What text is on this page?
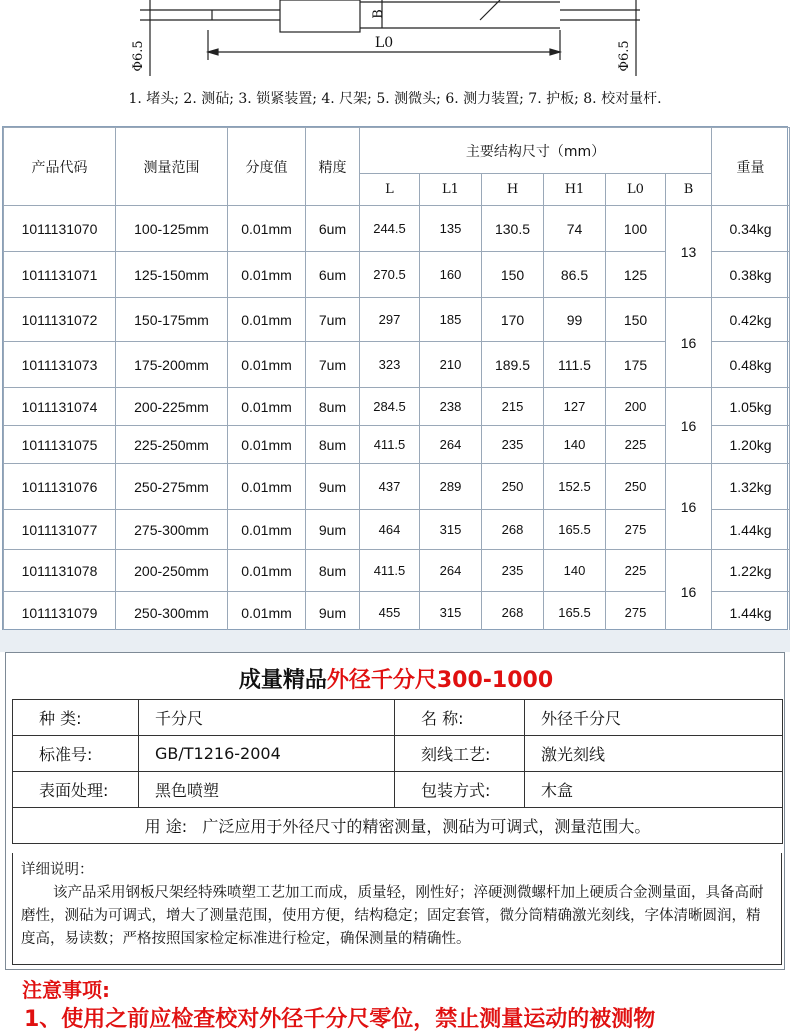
B
L0
Φ6.5	Φ6.5
1. 堵头; 2. 测砧; 3. 锁紧装置; 4. 尺架; 5. 测微头; 6. 测力装置; 7. 护板; 8. 校对量杆.
产品代码	测量范围	分度值	精度	主要结构尺寸（mm）						重量
				L	L1	H	H1	L0	B	
1011131070	100-125mm	0.01mm	6um	244.5	135	130.5	74	100	13	0.34kg
1011131071	125-150mm	0.01mm	6um	270.5	160	150	86.5	125		0.38kg
1011131072	150-175mm	0.01mm	7um	297	185	170	99	150	16	0.42kg
1011131073	175-200mm	0.01mm	7um	323	210	189.5	111.5	175		0.48kg
1011131074	200-225mm	0.01mm	8um	284.5	238	215	127	200	16	1.05kg
1011131075	225-250mm	0.01mm	8um	411.5	264	235	140	225		1.20kg
1011131076	250-275mm	0.01mm	9um	437	289	250	152.5	250	16	1.32kg
1011131077	275-300mm	0.01mm	9um	464	315	268	165.5	275		1.44kg
1011131078	200-250mm	0.01mm	8um	411.5	264	235	140	225	16	1.22kg
1011131079	250-300mm	0.01mm	9um	455	315	268	165.5	275		1.44kg
成量精品外径千分尺300-1000
种 类:	千分尺	名 称:	外径千分尺
标准号:	GB/T1216-2004	刻线工艺:	激光刻线
表面处理:	黑色喷塑	包装方式:	木盒
用 途: 广泛应用于外径尺寸的精密测量，测砧为可调式，测量范围大。			
详细说明：
该产品采用钢板尺架经特殊喷塑工艺加工而成，质量轻，刚性好；淬硬测微螺杆加上硬质合金测量面，具备高耐磨性，测砧为可调式，增大了测量范围，使用方便，结构稳定；固定套管，微分筒精确激光刻线，字体清晰圆润，精度高，易读数；严格按照国家检定标准进行检定，确保测量的精确性。
注意事项:
1、使用之前应检查校对外径千分尺零位，禁止测量运动的被测物
